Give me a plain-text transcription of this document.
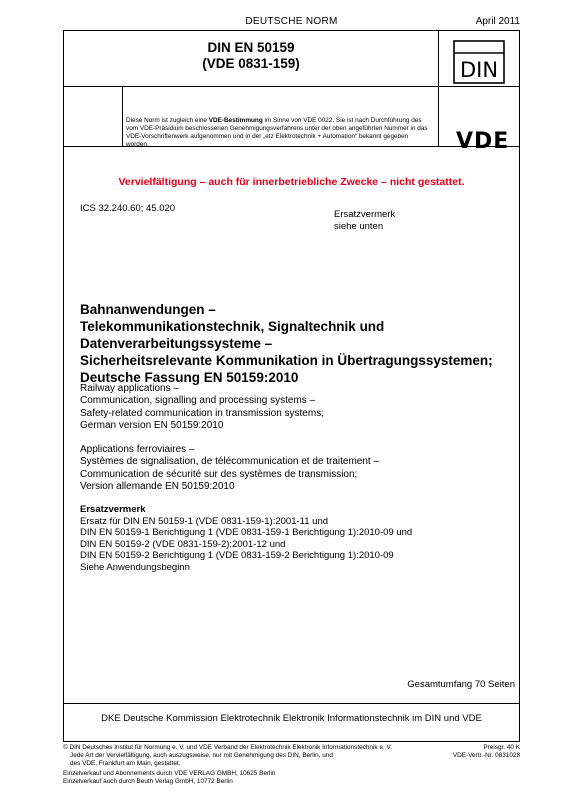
DEUTSCHE NORM	April 2011
DIN EN 50159
(VDE 0831-159)	DIN
Diese Norm ist zugleich eine VDE-Bestimmung im Sinne von VDE 0022. Sie ist nach Durchführung des vom VDE-Präsidium beschlossenen Genehmigungsverfahrens unter der oben angeführten Nummer in das VDE-Vorschriftenwerk aufgenommen und in der „etz Elektrotechnik + Automation“ bekannt gegeben worden.	VDE
Vervielfältigung – auch für innerbetriebliche Zwecke – nicht gestattet.
ICS 32.240.60; 45.020
Ersatzvermerk
siehe unten
Bahnanwendungen –
Telekommunikationstechnik, Signaltechnik und
Datenverarbeitungssysteme –
Sicherheitsrelevante Kommunikation in Übertragungssystemen;
Deutsche Fassung EN 50159:2010
Railway applications –
Communication, signalling and processing systems –
Safety-related communication in transmission systems;
German version EN 50159:2010
Applications ferroviaires –
Systèmes de signalisation, de télécommunication et de traitement –
Communication de sécurité sur des systèmes de transmission;
Version allemande EN 50159:2010
Ersatzvermerk
Ersatz für DIN EN 50159-1 (VDE 0831-159-1):2001-11 und
DIN EN 50159-1 Berichtigung 1 (VDE 0831-159-1 Berichtigung 1):2010-09 und
DIN EN 50159-2 (VDE 0831-159-2):2001-12 und
DIN EN 50159-2 Berichtigung 1 (VDE 0831-159-2 Berichtigung 1):2010-09
Siehe Anwendungsbeginn
Gesamtumfang 70 Seiten
DKE Deutsche Kommission Elektrotechnik Elektronik Informationstechnik im DIN und VDE
© DIN Deutsches Institut für Normung e. V. und VDE Verband der Elektrotechnik Elektronik Informationstechnik e. V.
Jede Art der Vervielfältigung, auch auszugsweise, nur mit Genehmigung des DIN, Berlin, und
des VDE, Frankfurt am Main, gestattet.
Preisgr. 40 K
VDE-Vertr.-Nr. 0831028
Einzelverkauf und Abonnements durch VDE VERLAG GMBH, 10625 Berlin
Einzelverkauf auch durch Beuth Verlag GmbH, 10772 Berlin
